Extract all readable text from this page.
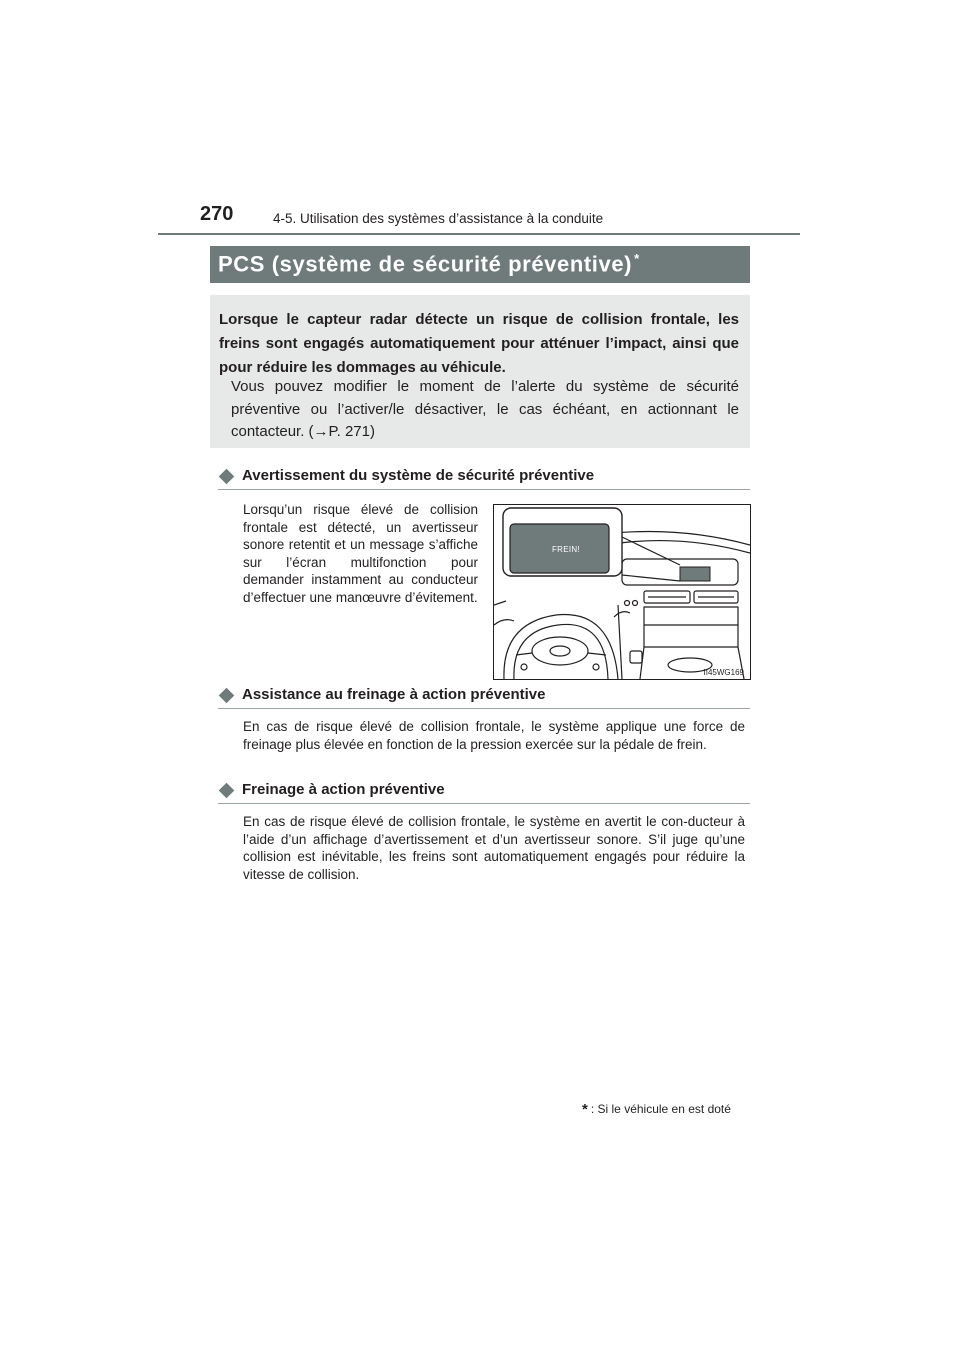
270	4-5. Utilisation des systèmes d’assistance à la conduite
PCS (système de sécurité préventive) *
Lorsque le capteur radar détecte un risque de collision frontale, les freins sont engagés automatiquement pour atténuer l’impact, ainsi que pour réduire les dommages au véhicule.
Vous pouvez modifier le moment de l’alerte du système de sécurité préventive ou l’activer/le désactiver, le cas échéant, en actionnant le contacteur. (→P. 271)
Avertissement du système de sécurité préventive
Lorsqu’un risque élevé de collision frontale est détecté, un avertisseur sonore retentit et un message s’affiche sur l’écran multifonction pour demander instamment au conducteur d’effectuer une manœuvre d’évitement.
FREIN!
II45WG169
Assistance au freinage à action préventive
En cas de risque élevé de collision frontale, le système applique une force de freinage plus élevée en fonction de la pression exercée sur la pédale de frein.
Freinage à action préventive
En cas de risque élevé de collision frontale, le système en avertit le con-ducteur à l’aide d’un affichage d’avertissement et d’un avertisseur sonore. S’il juge qu’une collision est inévitable, les freins sont automatiquement engagés pour réduire la vitesse de collision.
* : Si le véhicule en est doté
